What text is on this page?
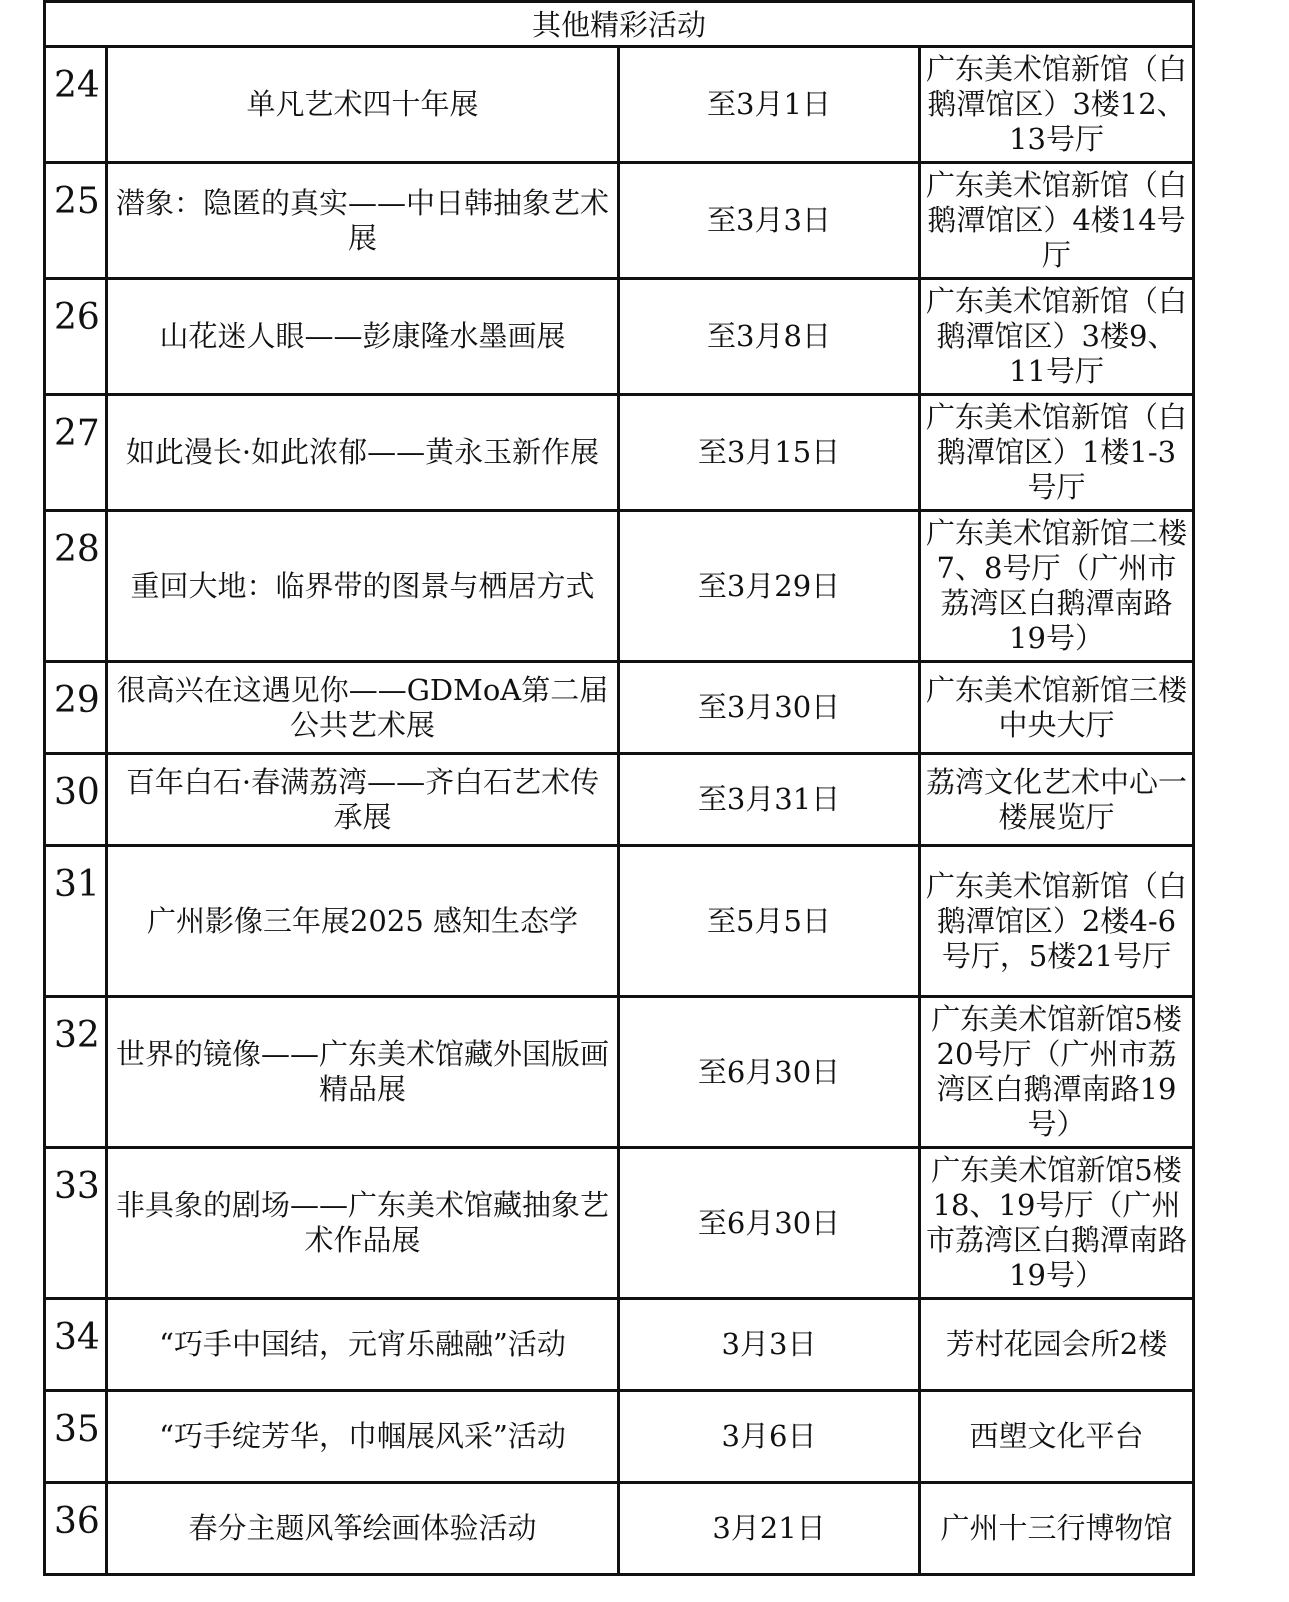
其他精彩活动			
24	单凡艺术四十年展	至3月1日	广东美术馆新馆（白鹅潭馆区）3楼12、13号厅
25	潜象：隐匿的真实——中日韩抽象艺术展	至3月3日	广东美术馆新馆（白鹅潭馆区）4楼14号厅
26	山花迷人眼——彭康隆水墨画展	至3月8日	广东美术馆新馆（白鹅潭馆区）3楼9、11号厅
27	如此漫长·如此浓郁——黄永玉新作展	至3月15日	广东美术馆新馆（白鹅潭馆区）1楼1-3号厅
28	重回大地：临界带的图景与栖居方式	至3月29日	广东美术馆新馆二楼7、8号厅（广州市荔湾区白鹅潭南路19号）
29	很高兴在这遇见你——GDMoA第二届公共艺术展	至3月30日	广东美术馆新馆三楼中央大厅
30	百年白石·春满荔湾——齐白石艺术传承展	至3月31日	荔湾文化艺术中心一楼展览厅
31	广州影像三年展2025 感知生态学	至5月5日	广东美术馆新馆（白鹅潭馆区）2楼4-6号厅，5楼21号厅
32	世界的镜像——广东美术馆藏外国版画精品展	至6月30日	广东美术馆新馆5楼20号厅（广州市荔湾区白鹅潭南路19号）
33	非具象的剧场——广东美术馆藏抽象艺术作品展	至6月30日	广东美术馆新馆5楼18、19号厅（广州市荔湾区白鹅潭南路19号）
34	“巧手中国结，元宵乐融融”活动	3月3日	芳村花园会所2楼
35	“巧手绽芳华，巾帼展风采”活动	3月6日	西塱文化平台
36	春分主题风筝绘画体验活动	3月21日	广州十三行博物馆
